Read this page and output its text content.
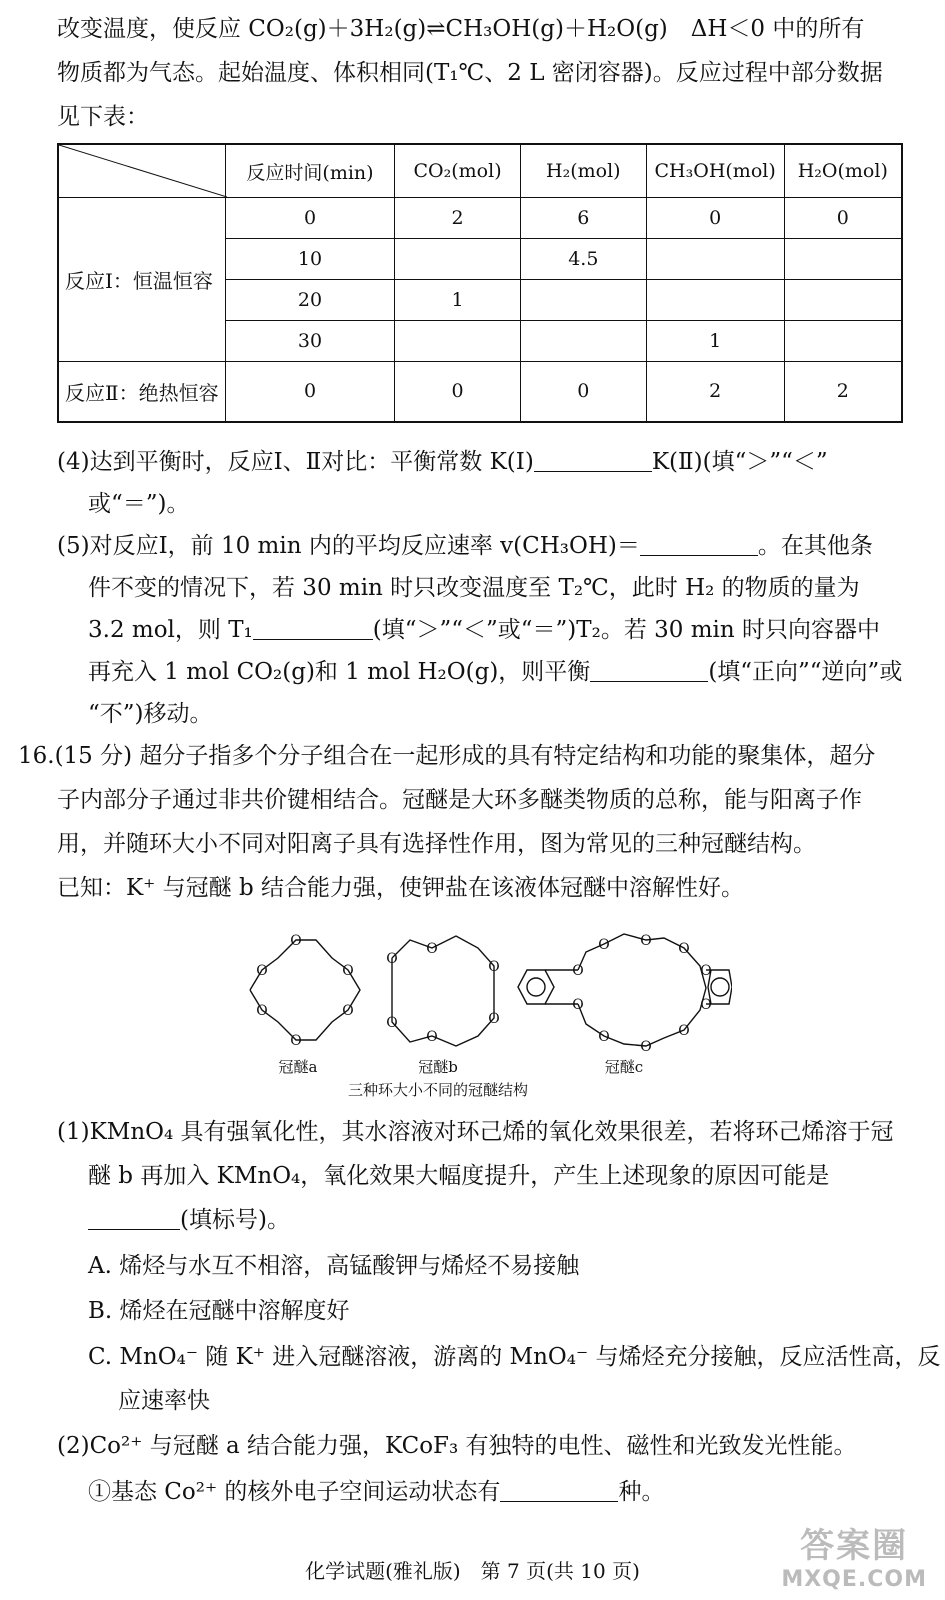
改变温度，使反应 CO₂(g)＋3H₂(g)⇌CH₃OH(g)＋H₂O(g)　ΔH＜0 中的所有
物质都为气态。起始温度、体积相同(T₁℃、2 L 密闭容器)。反应过程中部分数据
见下表：
	反应时间(min)	CO₂(mol)	H₂(mol)	CH₃OH(mol)	H₂O(mol)
反应Ⅰ：恒温恒容	0	2	6	0	0
	10		4.5		
	20	1			
	30			1	
反应Ⅱ：绝热恒容	0	0	0	2	2
(4)达到平衡时，反应Ⅰ、Ⅱ对比：平衡常数 K(Ⅰ)	K(Ⅱ)(填“＞”“＜”
或“＝”)。
(5)对反应Ⅰ，前 10 min 内的平均反应速率 v(CH₃OH)＝	。在其他条
件不变的情况下，若 30 min 时只改变温度至 T₂℃，此时 H₂ 的物质的量为
3.2 mol，则 T₁	(填“＞”“＜”或“＝”)T₂。若 30 min 时只向容器中
再充入 1 mol CO₂(g)和 1 mol H₂O(g)，则平衡	(填“正向”“逆向”或
“不”)移动。
16.(15 分) 超分子指多个分子组合在一起形成的具有特定结构和功能的聚集体，超分
子内部分子通过非共价键相结合。冠醚是大环多醚类物质的总称，能与阳离子作
用，并随环大小不同对阳离子具有选择性作用，图为常见的三种冠醚结构。
已知：K⁺ 与冠醚 b 结合能力强，使钾盐在该液体冠醚中溶解性好。
O
O
O
O
O
O
O
O
O
O
O
O
O
O O O
O
O
O
O
O
O
冠醚a	冠醚b	冠醚c
三种环大小不同的冠醚结构
(1)KMnO₄ 具有强氧化性，其水溶液对环己烯的氧化效果很差，若将环己烯溶于冠
醚 b 再加入 KMnO₄，氧化效果大幅度提升，产生上述现象的原因可能是
(填标号)。
A. 烯烃与水互不相溶，高锰酸钾与烯烃不易接触
B. 烯烃在冠醚中溶解度好
C. MnO₄⁻ 随 K⁺ 进入冠醚溶液，游离的 MnO₄⁻ 与烯烃充分接触，反应活性高，反
应速率快
(2)Co²⁺ 与冠醚 a 结合能力强，KCoF₃ 有独特的电性、磁性和光致发光性能。
①基态 Co²⁺ 的核外电子空间运动状态有	种。
化学试题(雅礼版)　第 7 页(共 10 页)
答案圈
MXQE.COM
